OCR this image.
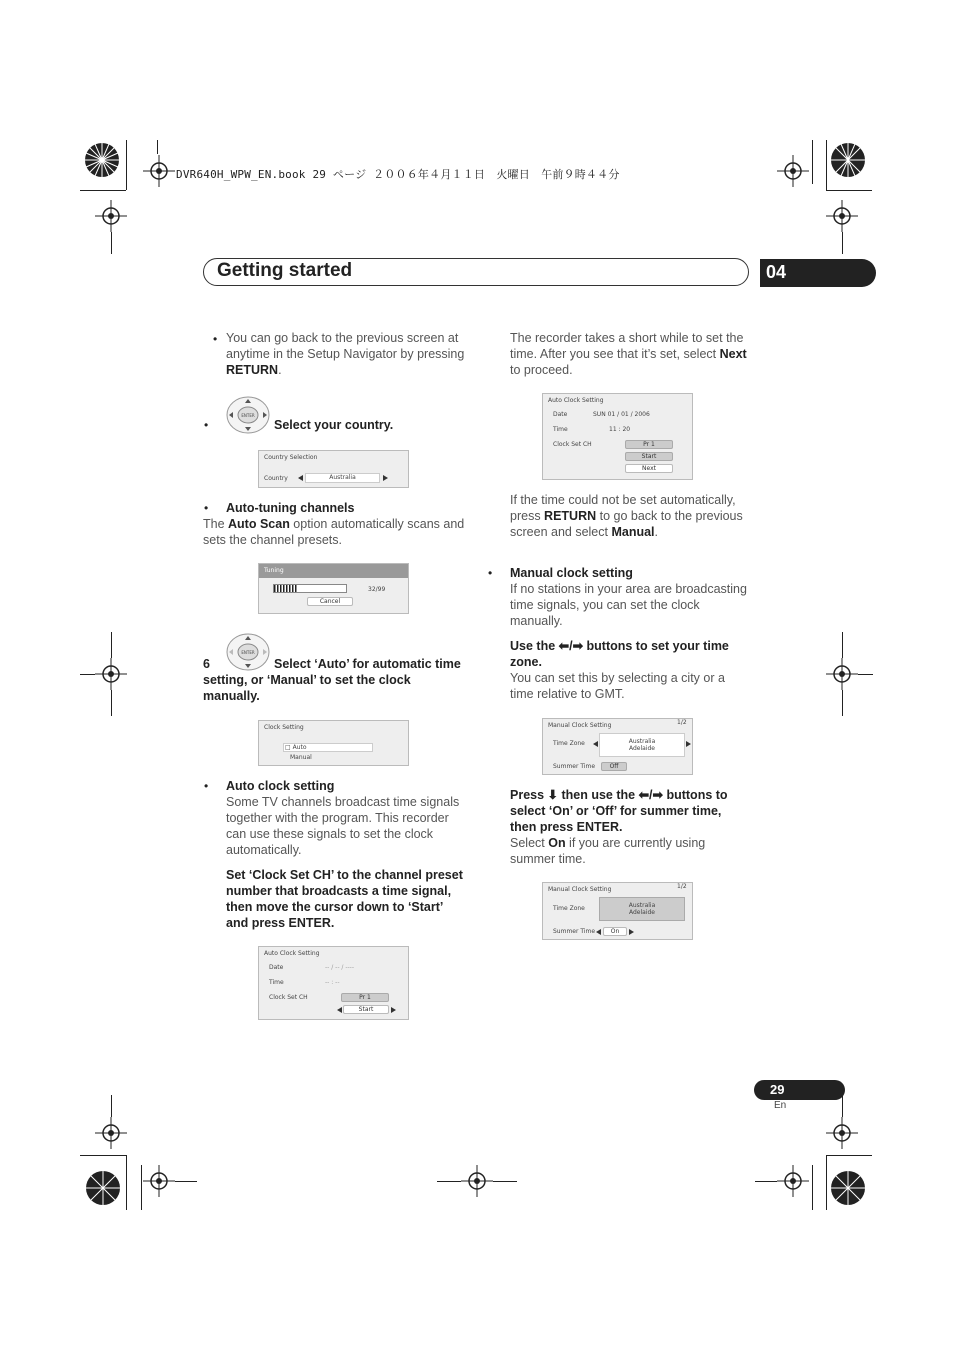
DVR640H_WPW_EN.book 29 ページ ２００６年４月１１日　火曜日　午前９時４４分
Getting started	04
• You can go back to the previous screen at anytime in the Setup Navigator by pressing RETURN.
•
ENTER
Select your country.
Country Selection
Country	Australia
• Auto-tuning channels
The Auto Scan option automatically scans and sets the channel presets.
Tuning
32/99
Cancel
6
ENTER
Select ‘Auto’ for automatic time setting, or ‘Manual’ to set the clock manually.
Clock Setting
□ Auto
Manual
• Auto clock setting
Some TV channels broadcast time signals together with the program. This recorder can use these signals to set the clock automatically.
Set ‘Clock Set CH’ to the channel preset number that broadcasts a time signal, then move the cursor down to ‘Start’ and press ENTER.
Auto Clock Setting
Date	-- / -- / ----
Time	-- : --
Clock Set CH	Pr 1
Start
The recorder takes a short while to set the time. After you see that it’s set, select Next to proceed.
Auto Clock Setting
Date	SUN 01 / 01 / 2006
Time	11 : 20
Clock Set CH	Pr 1
Start
Next
If the time could not be set automatically, press RETURN to go back to the previous screen and select Manual.
• Manual clock setting
If no stations in your area are broadcasting time signals, you can set the clock manually.
Use the ⬅/➡ buttons to set your time zone.
You can set this by selecting a city or a time relative to GMT.
Manual Clock Setting	1/2
Time Zone	Australia
Adelaide
Summer Time	Off
Press ⬇ then use the ⬅/➡ buttons to select ‘On’ or ‘Off’ for summer time, then press ENTER.
Select On if you are currently using summer time.
Manual Clock Setting	1/2
Time Zone	Australia
Adelaide
Summer Time	On
29
En
